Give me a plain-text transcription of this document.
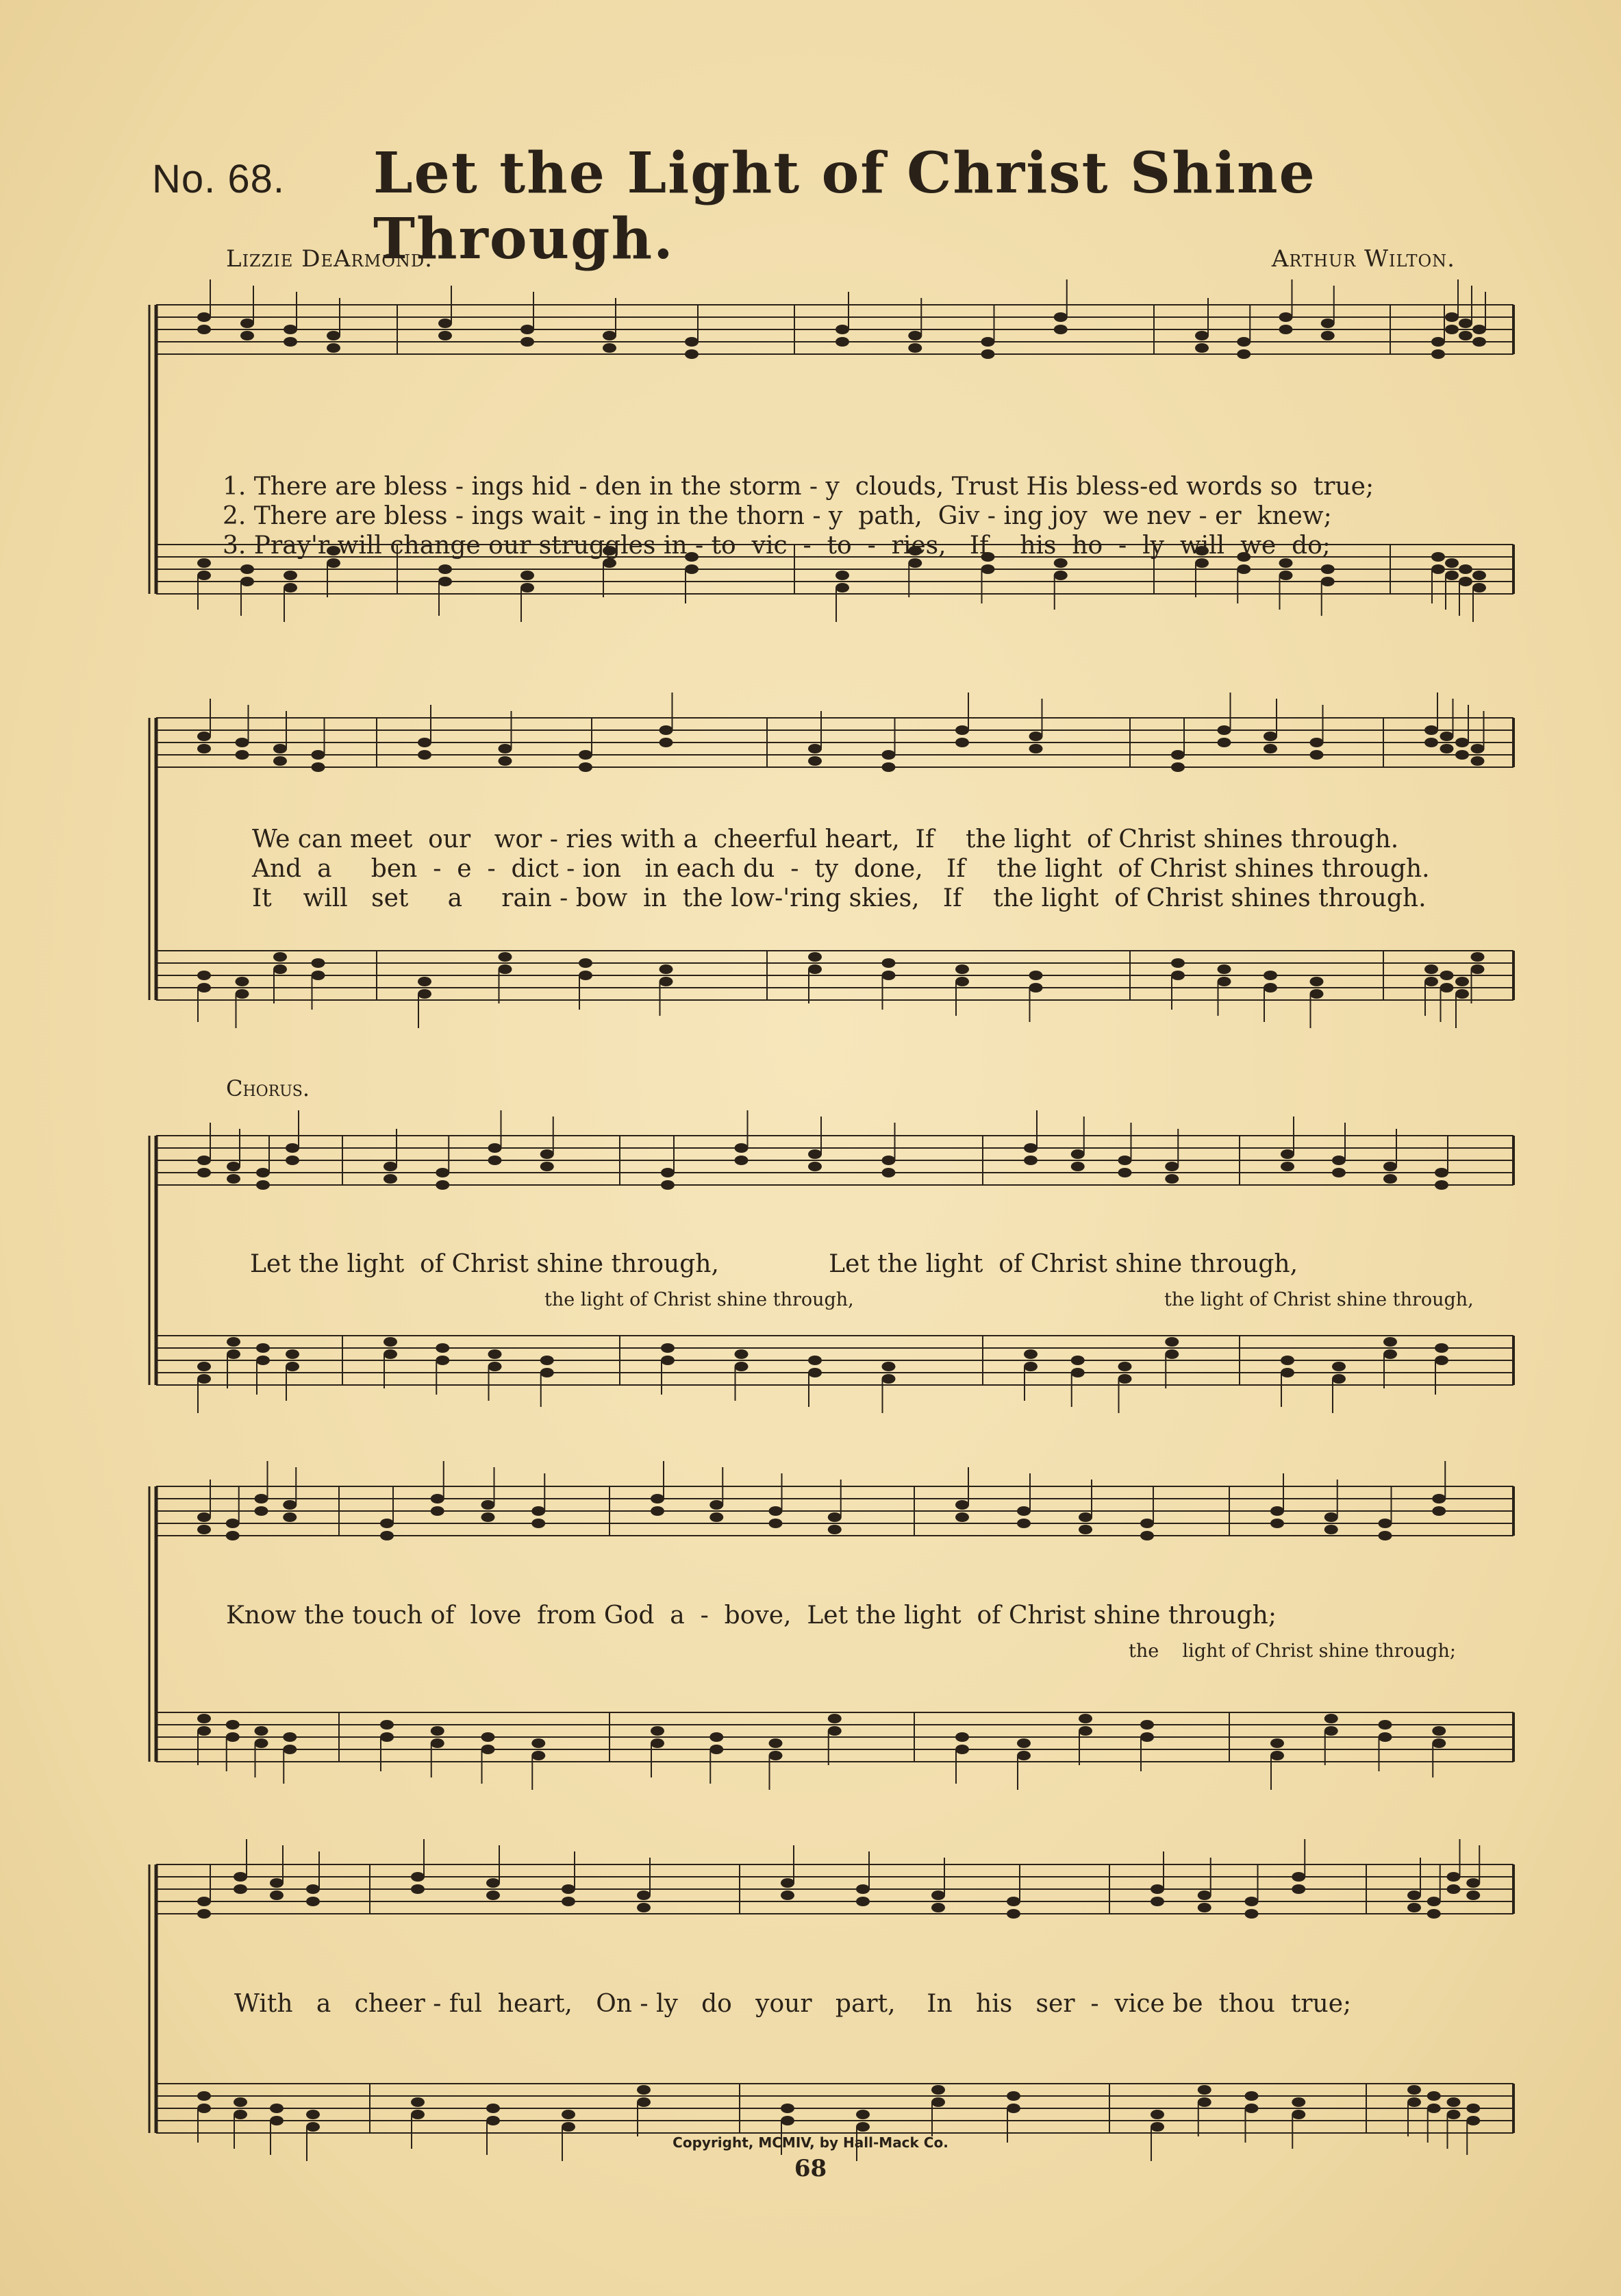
No. 68. Let the Light of Christ Shine Through.
Lizzie DeArmond.	Arthur Wilton.
1. There are bless - ings hid - den in the storm - y  clouds, Trust His bless-ed words so  true;
2. There are bless - ings wait - ing in the thorn - y  path,  Giv - ing joy  we nev - er  knew;
3. Pray'r will change our struggles in - to  vic  -  to  -  ries,   If    his  ho  -  ly  will  we  do;
We can meet  our   wor - ries with a  cheerful heart,  If    the light  of Christ shines through.
And  a     ben  -  e  -  dict - ion   in each du  -  ty  done,   If    the light  of Christ shines through.
It    will   set     a     rain - bow  in  the low-'ring skies,   If    the light  of Christ shines through.
Chorus.
Let the light  of Christ shine through,              Let the light  of Christ shine through,
the light of Christ shine through,	the light of Christ shine through,
Know the touch of  love  from God  a  -  bove,  Let the light  of Christ shine through;
the    light of Christ shine through;
With   a   cheer - ful  heart,   On - ly   do   your   part,    In   his   ser  -  vice be  thou  true;
Copyright, MCMIV, by Hall-Mack Co.
68
